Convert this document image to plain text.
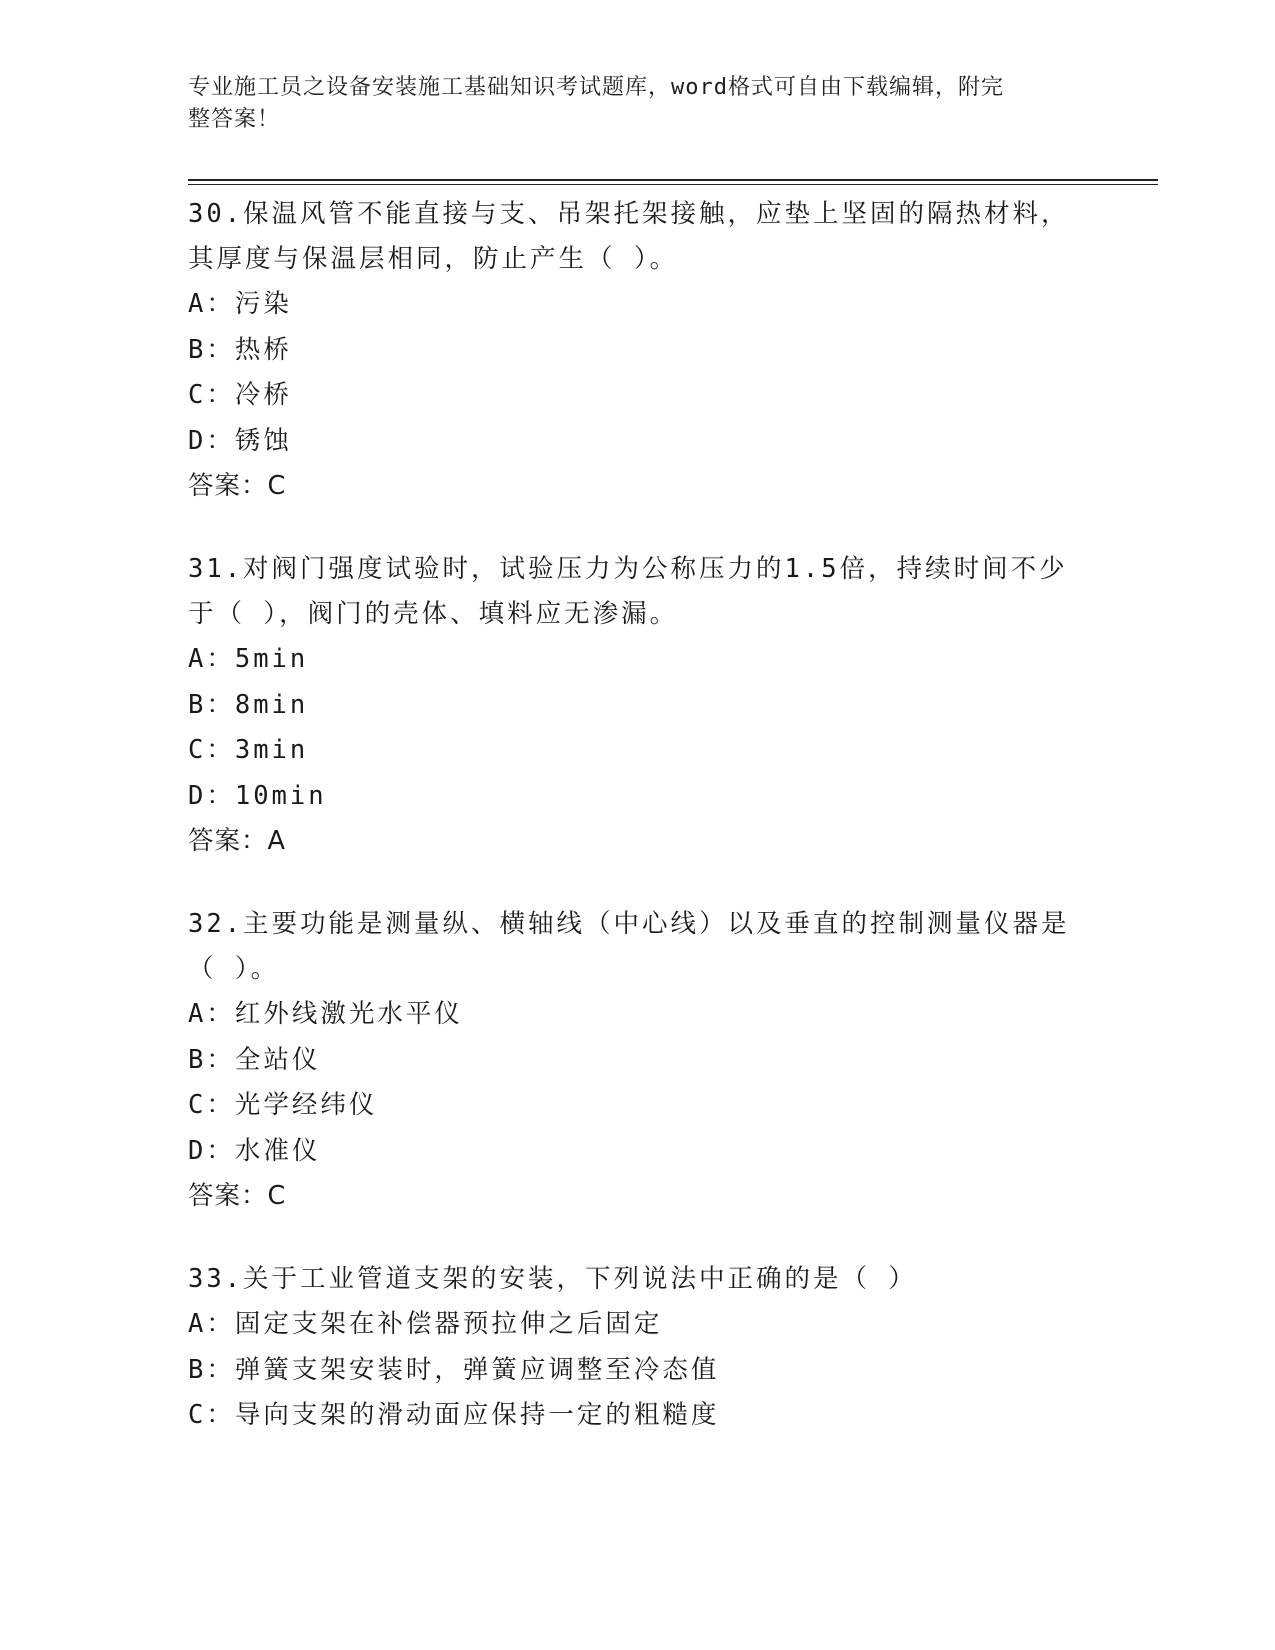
专业施工员之设备安装施工基础知识考试题库，word格式可自由下载编辑，附完
整答案！

30.保温风管不能直接与支、吊架托架接触，应垫上坚固的隔热材料，其厚度与保温层相同，防止产生（ ）。

A：污染

B：热桥

C：冷桥

D：锈蚀

答案：C

31.对阀门强度试验时，试验压力为公称压力的1.5倍，持续时间不少于（ ），阀门的壳体、填料应无渗漏。

A：5min

B：8min

C：3min

D：10min

答案：A

32.主要功能是测量纵、横轴线（中心线）以及垂直的控制测量仪器是（ ）。

A：红外线激光水平仪

B：全站仪

C：光学经纬仪

D：水准仪

答案：C

33.关于工业管道支架的安装，下列说法中正确的是（ ）

A：固定支架在补偿器预拉伸之后固定

B：弹簧支架安装时，弹簧应调整至冷态值

C：导向支架的滑动面应保持一定的粗糙度
